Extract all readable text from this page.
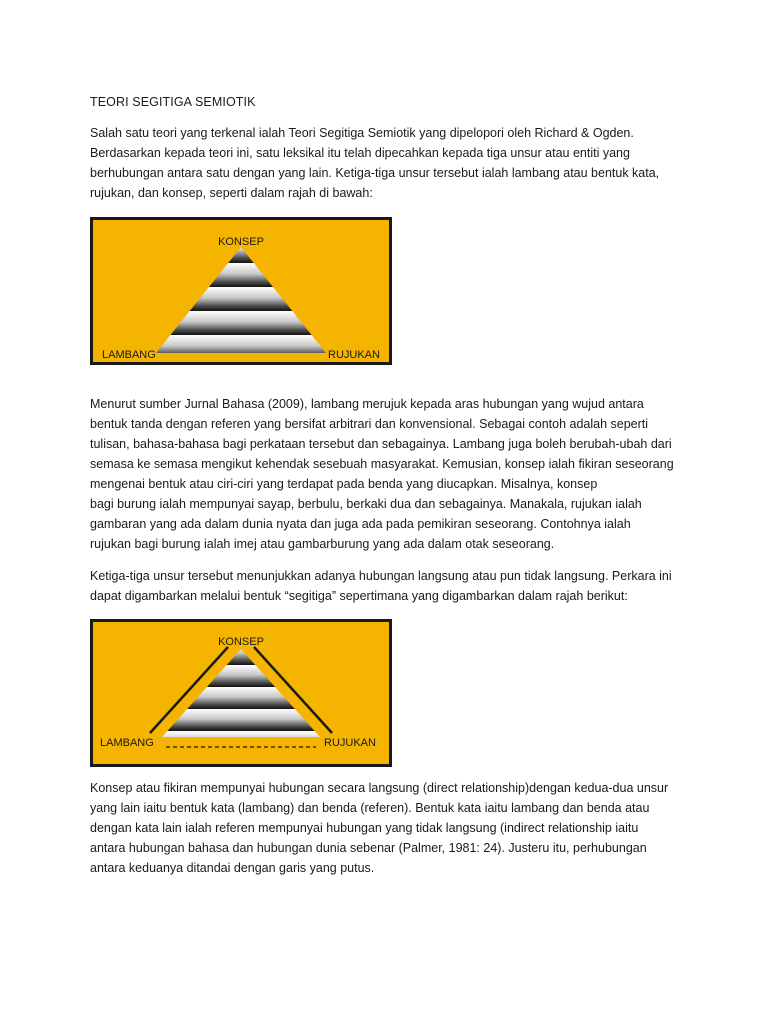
TEORI SEGITIGA SEMIOTIK
Salah satu teori yang terkenal ialah Teori Segitiga Semiotik yang dipelopori oleh Richard & Ogden.
Berdasarkan kepada teori ini, satu leksikal itu telah dipecahkan kepada tiga unsur atau entiti yang
berhubungan antara satu dengan yang lain. Ketiga-tiga unsur tersebut ialah lambang atau bentuk kata,
rujukan, dan konsep, seperti dalam rajah di bawah:
KONSEP
LAMBANG	RUJUKAN
Menurut sumber Jurnal Bahasa (2009), lambang merujuk kepada aras hubungan yang wujud antara
bentuk tanda dengan referen yang bersifat arbitrari dan konvensional. Sebagai contoh adalah seperti
tulisan, bahasa-bahasa bagi perkataan tersebut dan sebagainya. Lambang juga boleh berubah-ubah dari
semasa ke semasa mengikut kehendak sesebuah masyarakat. Kemusian, konsep ialah fikiran seseorang
mengenai bentuk atau ciri-ciri yang terdapat pada benda yang diucapkan. Misalnya, konsep
bagi burung ialah mempunyai sayap, berbulu, berkaki dua dan sebagainya. Manakala, rujukan ialah
gambaran yang ada dalam dunia nyata dan juga ada pada pemikiran seseorang. Contohnya ialah
rujukan bagi burung ialah imej atau gambarburung yang ada dalam otak seseorang.
Ketiga-tiga unsur tersebut menunjukkan adanya hubungan langsung atau pun tidak langsung. Perkara ini
dapat digambarkan melalui bentuk “segitiga” sepertimana yang digambarkan dalam rajah berikut:
KONSEP
LAMBANG	RUJUKAN
Konsep atau fikiran mempunyai hubungan secara langsung (direct relationship)dengan kedua-dua unsur
yang lain iaitu bentuk kata (lambang) dan benda (referen). Bentuk kata iaitu lambang dan benda atau
dengan kata lain ialah referen mempunyai hubungan yang tidak langsung (indirect relationship iaitu
antara hubungan bahasa dan hubungan dunia sebenar (Palmer, 1981: 24). Justeru itu, perhubungan
antara keduanya ditandai dengan garis yang putus.
